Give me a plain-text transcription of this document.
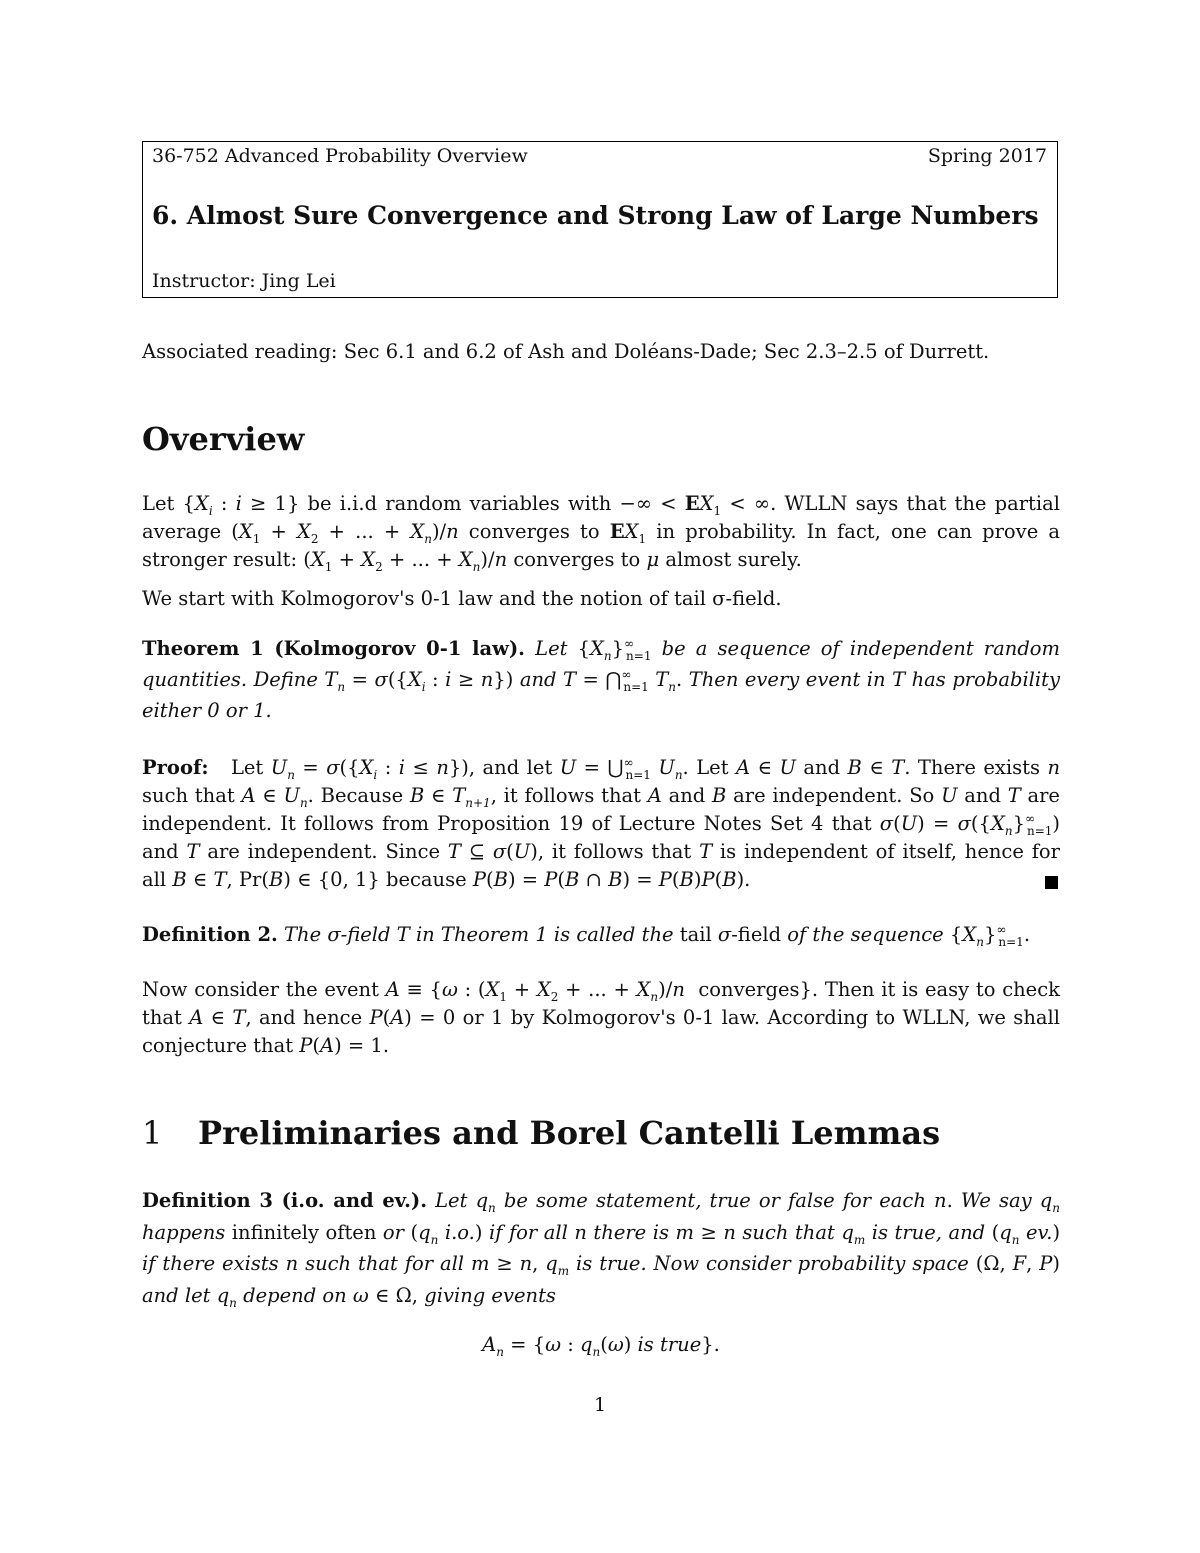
36-752 Advanced Probability Overview	Spring 2017
6. Almost Sure Convergence and Strong Law of Large Numbers
Instructor: Jing Lei
Associated reading: Sec 6.1 and 6.2 of Ash and Doléans-Dade; Sec 2.3–2.5 of Durrett.
Overview
Let {$X_i$ : i ≥ 1} be i.i.d random variables with −∞ < $EX_1$ < ∞. WLLN says that the partial average ($X_1 + X_2$ + ... + $X_n)/n$ converges to $EX_1$ in probability. In fact, one can prove a stronger result: ($X_1 + X_2$ + ... + $X_n)/n$ converges to μ almost surely.
We start with Kolmogorov's 0-1 law and the notion of tail σ-field.
Theorem 1 (Kolmogorov 0-1 law). Let $\{X_n\}^\infty_{n=1}$ be a sequence of independent random quantities. Define $T_n = \sigma(\{X_i$ : i ≥ n}) and $T = ⋂^\infty_{n=1}$ $T_n$. Then every event in T has probability either 0 or 1.
Proof:   Let $U_n = \sigma(\{X_i$ : i ≤ n}), and let $U = ⋃^\infty_{n=1}$ $U_n$. Let A ∈ U and B ∈ T. There exists n such that A ∈ $U_n$. Because B ∈ $T_{n+1}$, it follows that A and B are independent. So U and T are independent. It follows from Proposition 19 of Lecture Notes Set 4 that $\sigma(U) = \sigma(\{X_n\}^\infty_{n=1})$ and T are independent. Since T ⊆ σ(U), it follows that T is independent of itself, hence for all B ∈ T, Pr(B) ∈ {0, 1} because P(B) = P(B ∩ B) = P(B)P(B).
Definition 2. The σ-field T in Theorem 1 is called the tail σ-field of the sequence $\{X_n\}^\infty_{n=1}$.
Now consider the event A ≡ {ω : ($X_1 + X_2$ + ... + $X_n)/n$  converges}. Then it is easy to check that A ∈ T, and hence P(A) = 0 or 1 by Kolmogorov's 0-1 law. According to WLLN, we shall conjecture that P(A) = 1.
1 Preliminaries and Borel Cantelli Lemmas
Definition 3 (i.o. and ev.). Let $q_n$ be some statement, true or false for each n. We say $q_n$ happens infinitely often or ($q_n$ i.o.) if for all n there is m ≥ n such that $q_m$ is true, and ($q_n$ ev.) if there exists n such that for all m ≥ n, $q_m$ is true. Now consider probability space (Ω, F, P) and let $q_n$ depend on ω ∈ Ω, giving events
$A_n = \{\omega$ : $q_n(\omega)$ is true}.
1
